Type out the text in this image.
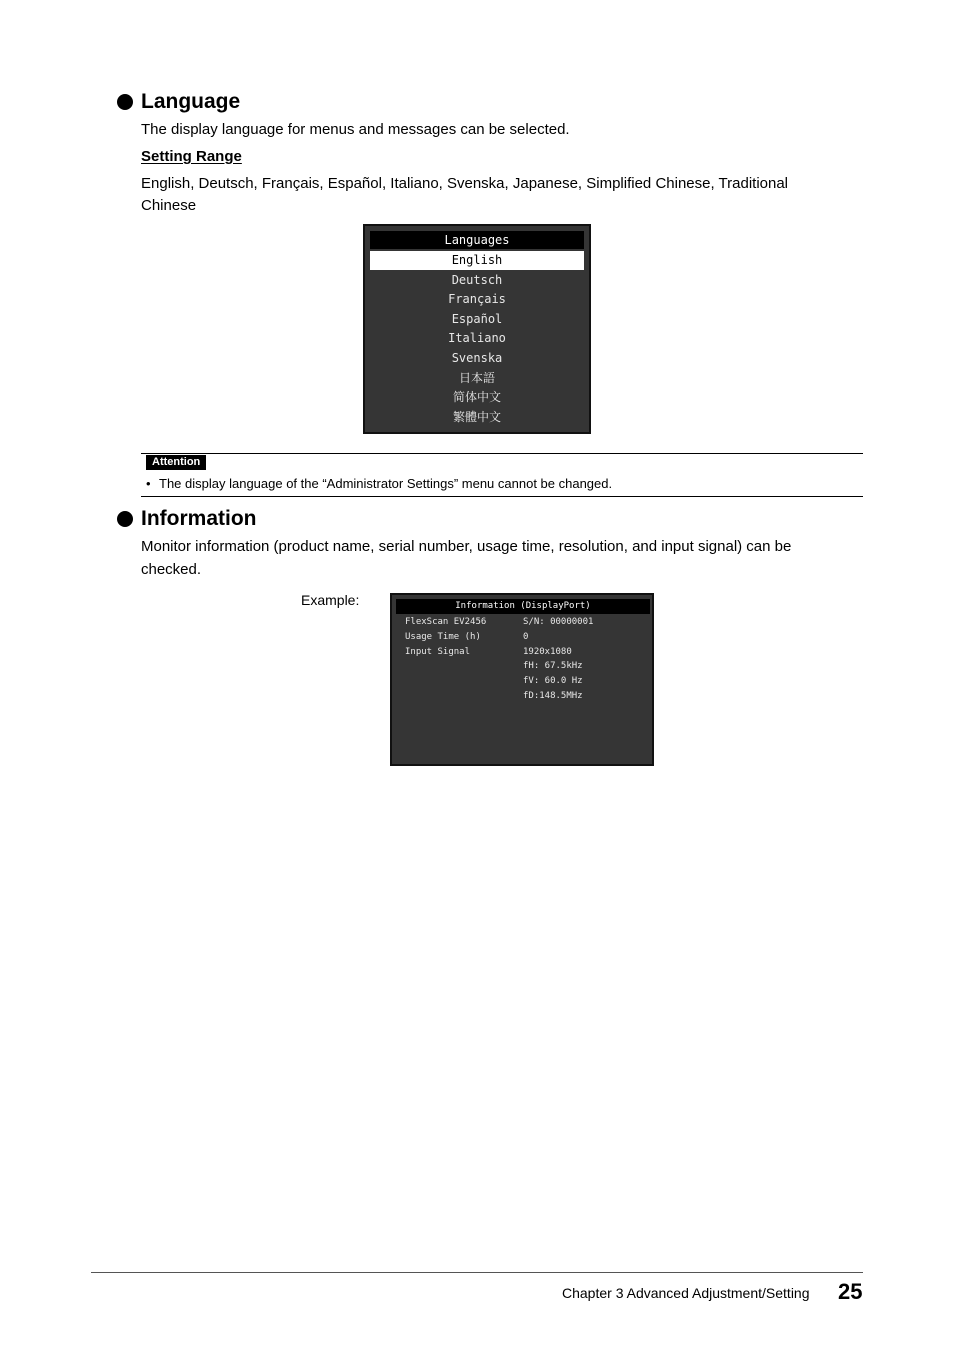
Language
The display language for menus and messages can be selected.
Setting Range
English, Deutsch, Français, Español, Italiano, Svenska, Japanese, Simplified Chinese, Traditional
Chinese
Languages
English
Deutsch
Français
Español
Italiano
Svenska
日本語
简体中文
繁體中文
Attention
• The display language of the “Administrator Settings” menu cannot be changed.
Information
Monitor information (product name, serial number, usage time, resolution, and input signal) can be
checked.
Example:	Information (DisplayPort)
FlexScan EV2456
Usage Time (h)
Input Signal
S/N: 00000001
0
1920x1080
fH: 67.5kHz
fV: 60.0 Hz
fD:148.5MHz
Chapter 3 Advanced Adjustment/Setting 25
